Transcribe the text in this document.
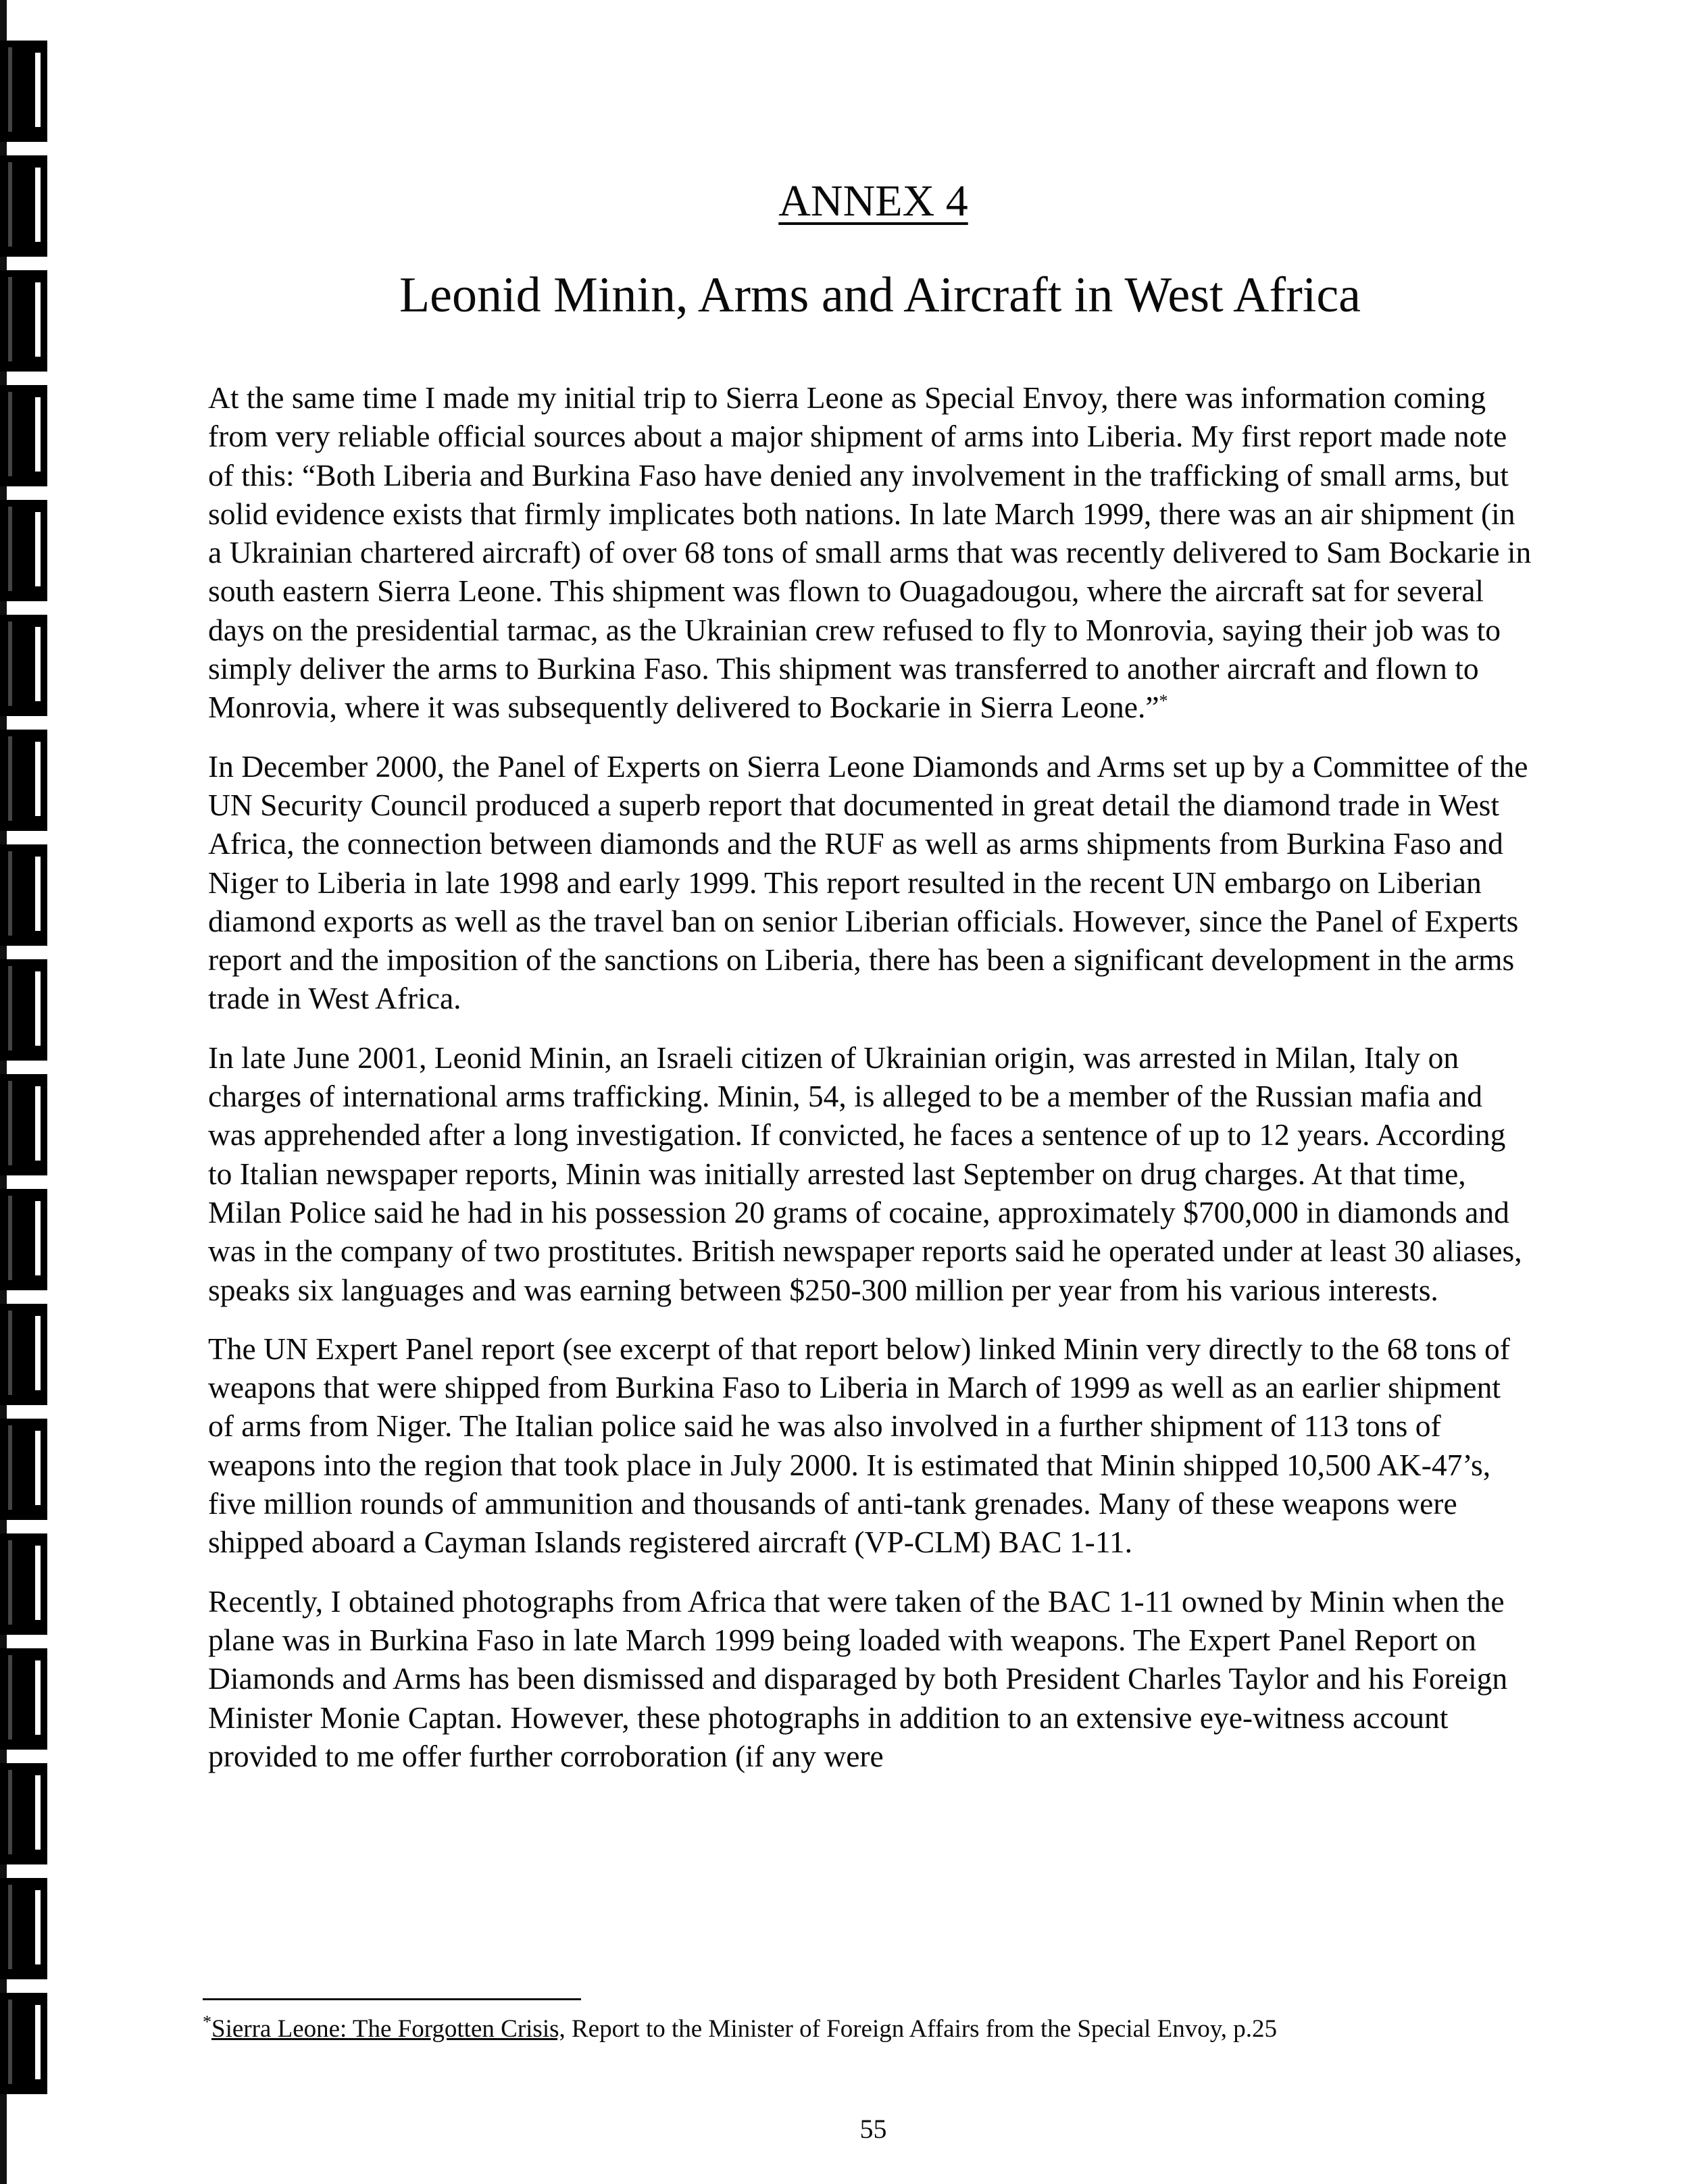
ANNEX 4
Leonid Minin, Arms and Aircraft in West Africa

At the same time I made my initial trip to Sierra Leone as Special Envoy, there was information coming from very reliable official sources about a major shipment of arms into Liberia. My first report made note of this: “Both Liberia and Burkina Faso have denied any involvement in the trafficking of small arms, but solid evidence exists that firmly implicates both nations. In late March 1999, there was an air shipment (in a Ukrainian chartered aircraft) of over 68 tons of small arms that was recently delivered to Sam Bockarie in south eastern Sierra Leone. This shipment was flown to Ouagadougou, where the aircraft sat for several days on the presidential tarmac, as the Ukrainian crew refused to fly to Monrovia, saying their job was to simply deliver the arms to Burkina Faso. This shipment was transferred to another aircraft and flown to Monrovia, where it was subsequently delivered to Bockarie in Sierra Leone.”*

In December 2000, the Panel of Experts on Sierra Leone Diamonds and Arms set up by a Committee of the UN Security Council produced a superb report that documented in great detail the diamond trade in West Africa, the connection between diamonds and the RUF as well as arms shipments from Burkina Faso and Niger to Liberia in late 1998 and early 1999. This report resulted in the recent UN embargo on Liberian diamond exports as well as the travel ban on senior Liberian officials. However, since the Panel of Experts report and the imposition of the sanctions on Liberia, there has been a significant development in the arms trade in West Africa.

In late June 2001, Leonid Minin, an Israeli citizen of Ukrainian origin, was arrested in Milan, Italy on charges of international arms trafficking. Minin, 54, is alleged to be a member of the Russian mafia and was apprehended after a long investigation. If convicted, he faces a sentence of up to 12 years. According to Italian newspaper reports, Minin was initially arrested last September on drug charges. At that time, Milan Police said he had in his possession 20 grams of cocaine, approximately $700,000 in diamonds and was in the company of two prostitutes. British newspaper reports said he operated under at least 30 aliases, speaks six languages and was earning between $250-300 million per year from his various interests.

The UN Expert Panel report (see excerpt of that report below) linked Minin very directly to the 68 tons of weapons that were shipped from Burkina Faso to Liberia in March of 1999 as well as an earlier shipment of arms from Niger. The Italian police said he was also involved in a further shipment of 113 tons of weapons into the region that took place in July 2000. It is estimated that Minin shipped 10,500 AK-47’s, five million rounds of ammunition and thousands of anti-tank grenades. Many of these weapons were shipped aboard a Cayman Islands registered aircraft (VP-CLM) BAC 1-11.

Recently, I obtained photographs from Africa that were taken of the BAC 1-11 owned by Minin when the plane was in Burkina Faso in late March 1999 being loaded with weapons. The Expert Panel Report on Diamonds and Arms has been dismissed and disparaged by both President Charles Taylor and his Foreign Minister Monie Captan. However, these photographs in addition to an extensive eye-witness account provided to me offer further corroboration (if any were

*Sierra Leone: The Forgotten Crisis, Report to the Minister of Foreign Affairs from the Special Envoy, p.25
55
